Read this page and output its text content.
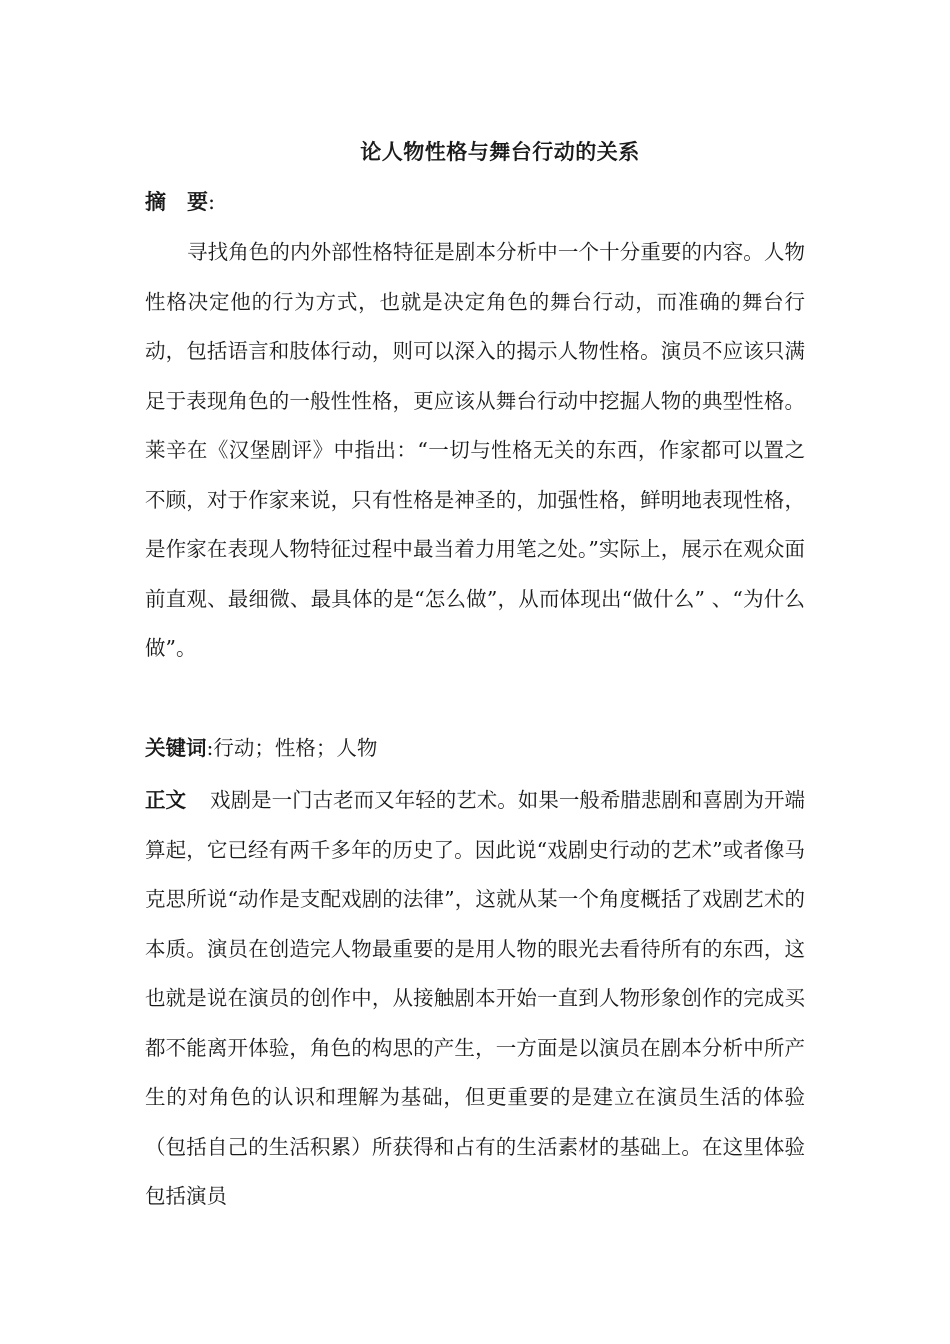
论人物性格与舞台行动的关系
摘　要:

寻找角色的内外部性格特征是剧本分析中一个十分重要的内容。人物性格决定他的行为方式，也就是决定角色的舞台行动，而准确的舞台行动，包括语言和肢体行动，则可以深入的揭示人物性格。演员不应该只满足于表现角色的一般性性格，更应该从舞台行动中挖掘人物的典型性格。莱辛在《汉堡剧评》中指出：“一切与性格无关的东西，作家都可以置之不顾，对于作家来说，只有性格是神圣的，加强性格，鲜明地表现性格，是作家在表现人物特征过程中最当着力用笔之处。”实际上，展示在观众面前直观、最细微、最具体的是“怎么做”，从而体现出“做什么” 、“为什么做”。

关键词:行动；性格；人物

正文 戏剧是一门古老而又年轻的艺术。如果一般希腊悲剧和喜剧为开端算起，它已经有两千多年的历史了。因此说“戏剧史行动的艺术”或者像马克思所说“动作是支配戏剧的法律”，这就从某一个角度概括了戏剧艺术的本质。演员在创造完人物最重要的是用人物的眼光去看待所有的东西，这也就是说在演员的创作中，从接触剧本开始一直到人物形象创作的完成买都不能离开体验，角色的构思的产生，一方面是以演员在剧本分析中所产生的对角色的认识和理解为基础，但更重要的是建立在演员生活的体验（包括自己的生活积累）所获得和占有的生活素材的基础上。在这里体验包括演员
